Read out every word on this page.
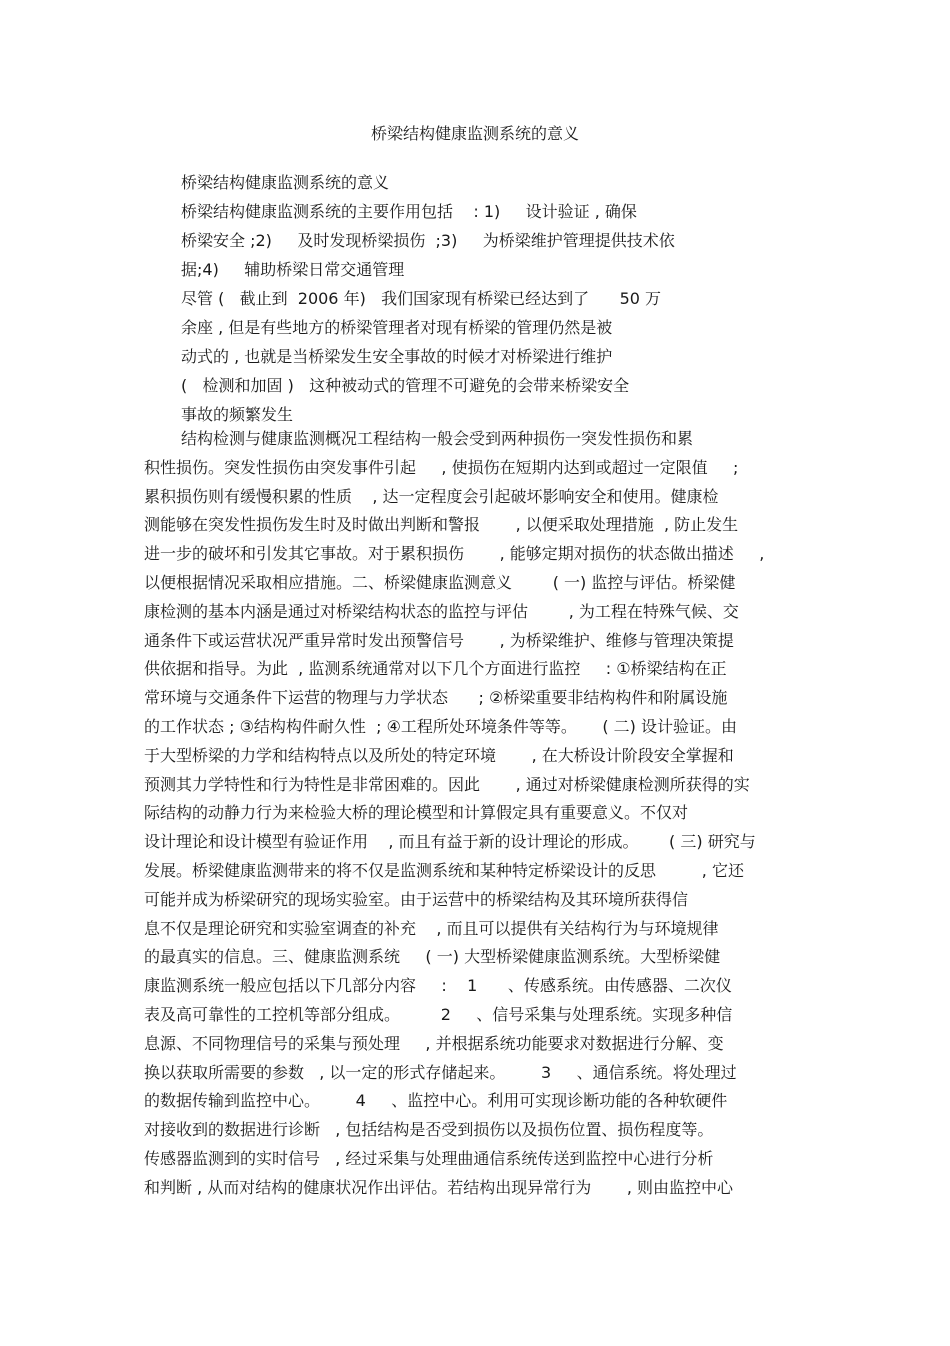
桥梁结构健康监测系统的意义
桥梁结构健康监测系统的意义
桥梁结构健康监测系统的主要作用包括    : 1)     设计验证 , 确保
桥梁安全 ;2)     及时发现桥梁损伤  ;3)     为桥梁维护管理提供技术依
据;4)     辅助桥梁日常交通管理
尽管 (   截止到  2006 年)   我们国家现有桥梁已经达到了      50 万
余座 , 但是有些地方的桥梁管理者对现有桥梁的管理仍然是被
动式的 , 也就是当桥梁发生安全事故的时候才对桥梁进行维护
(   检测和加固 )   这种被动式的管理不可避免的会带来桥梁安全
事故的频繁发生
结构检测与健康监测概况工程结构一般会受到两种损伤一突发性损伤和累
积性损伤。突发性损伤由突发事件引起     , 使损伤在短期内达到或超过一定限值     ;
累积损伤则有缓慢积累的性质    , 达一定程度会引起破坏影响安全和使用。健康检
测能够在突发性损伤发生时及时做出判断和警报       , 以便采取处理措施  , 防止发生
进一步的破坏和引发其它事故。对于累积损伤       , 能够定期对损伤的状态做出描述     ,
以便根据情况采取相应措施。二、桥梁健康监测意义        ( 一) 监控与评估。桥梁健
康检测的基本内涵是通过对桥梁结构状态的监控与评估        , 为工程在特殊气候、交
通条件下或运营状况严重异常时发出预警信号       , 为桥梁维护、维修与管理决策提
供依据和指导。为此  , 监测系统通常对以下几个方面进行监控     : ①桥梁结构在正
常环境与交通条件下运营的物理与力学状态      ; ②桥梁重要非结构构件和附属设施
的工作状态 ; ③结构构件耐久性  ; ④工程所处环境条件等等。     ( 二) 设计验证。由
于大型桥梁的力学和结构特点以及所处的特定环境       , 在大桥设计阶段安全掌握和
预测其力学特性和行为特性是非常困难的。因此       , 通过对桥梁健康检测所获得的实
际结构的动静力行为来检验大桥的理论模型和计算假定具有重要意义。不仅对
设计理论和设计模型有验证作用    , 而且有益于新的设计理论的形成。      ( 三) 研究与
发展。桥梁健康监测带来的将不仅是监测系统和某种特定桥梁设计的反思         , 它还
可能并成为桥梁研究的现场实验室。由于运营中的桥梁结构及其环境所获得信
息不仅是理论研究和实验室调查的补充    , 而且可以提供有关结构行为与环境规律
的最真实的信息。三、健康监测系统     ( 一) 大型桥梁健康监测系统。大型桥梁健
康监测系统一般应包括以下几部分内容     :    1      、传感系统。由传感器、二次仪
表及高可靠性的工控机等部分组成。        2     、信号采集与处理系统。实现多种信
息源、不同物理信号的采集与预处理     , 并根据系统功能要求对数据进行分解、变
换以获取所需要的参数   , 以一定的形式存储起来。       3     、通信系统。将处理过
的数据传输到监控中心。       4     、监控中心。利用可实现诊断功能的各种软硬件
对接收到的数据进行诊断   , 包括结构是否受到损伤以及损伤位置、损伤程度等。
传感器监测到的实时信号   , 经过采集与处理曲通信系统传送到监控中心进行分析
和判断 , 从而对结构的健康状况作出评估。若结构出现异常行为       , 则由监控中心
